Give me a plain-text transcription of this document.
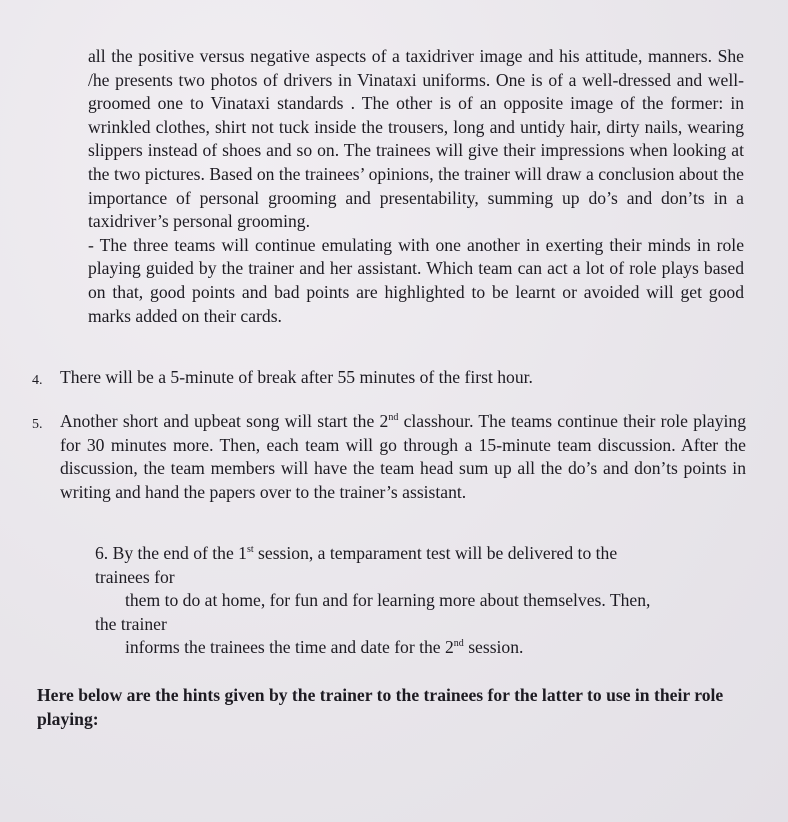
all the positive versus negative aspects of a taxidriver image and his attitude, manners. She /he presents two photos of drivers in Vinataxi uniforms. One is of a well-dressed and well-groomed one to Vinataxi standards . The other is of an opposite image of the former: in wrinkled clothes, shirt not tuck inside the trousers, long and untidy hair, dirty nails, wearing slippers instead of shoes and so on. The trainees will give their impressions when looking at the two pictures. Based on the trainees’ opinions, the trainer will draw a conclusion about the importance of personal grooming and presentability, summing up do’s and don’ts in a taxidriver’s personal grooming.

- The three teams will continue emulating with one another in exerting their minds in role playing guided by the trainer and her assistant. Which team can act a lot of role plays based on that, good points and bad points are highlighted to be learnt or avoided will get good marks added on their cards.

4. There will be a 5-minute of break after 55 minutes of the first hour.

5. Another short and upbeat song will start the 2nd classhour. The teams continue their role playing for 30 minutes more. Then, each team will go through a 15-minute team discussion. After the discussion, the team members will have the team head sum up all the do’s and don’ts points in writing and hand the papers over to the trainer’s assistant.

6. By the end of the 1st session, a temparament test will be delivered to the

trainees for

them to do at home, for fun and for learning more about themselves. Then,

the trainer

informs the trainees the time and date for the 2nd session.

Here below are the hints given by the trainer to the trainees for the latter to use in their role playing:
